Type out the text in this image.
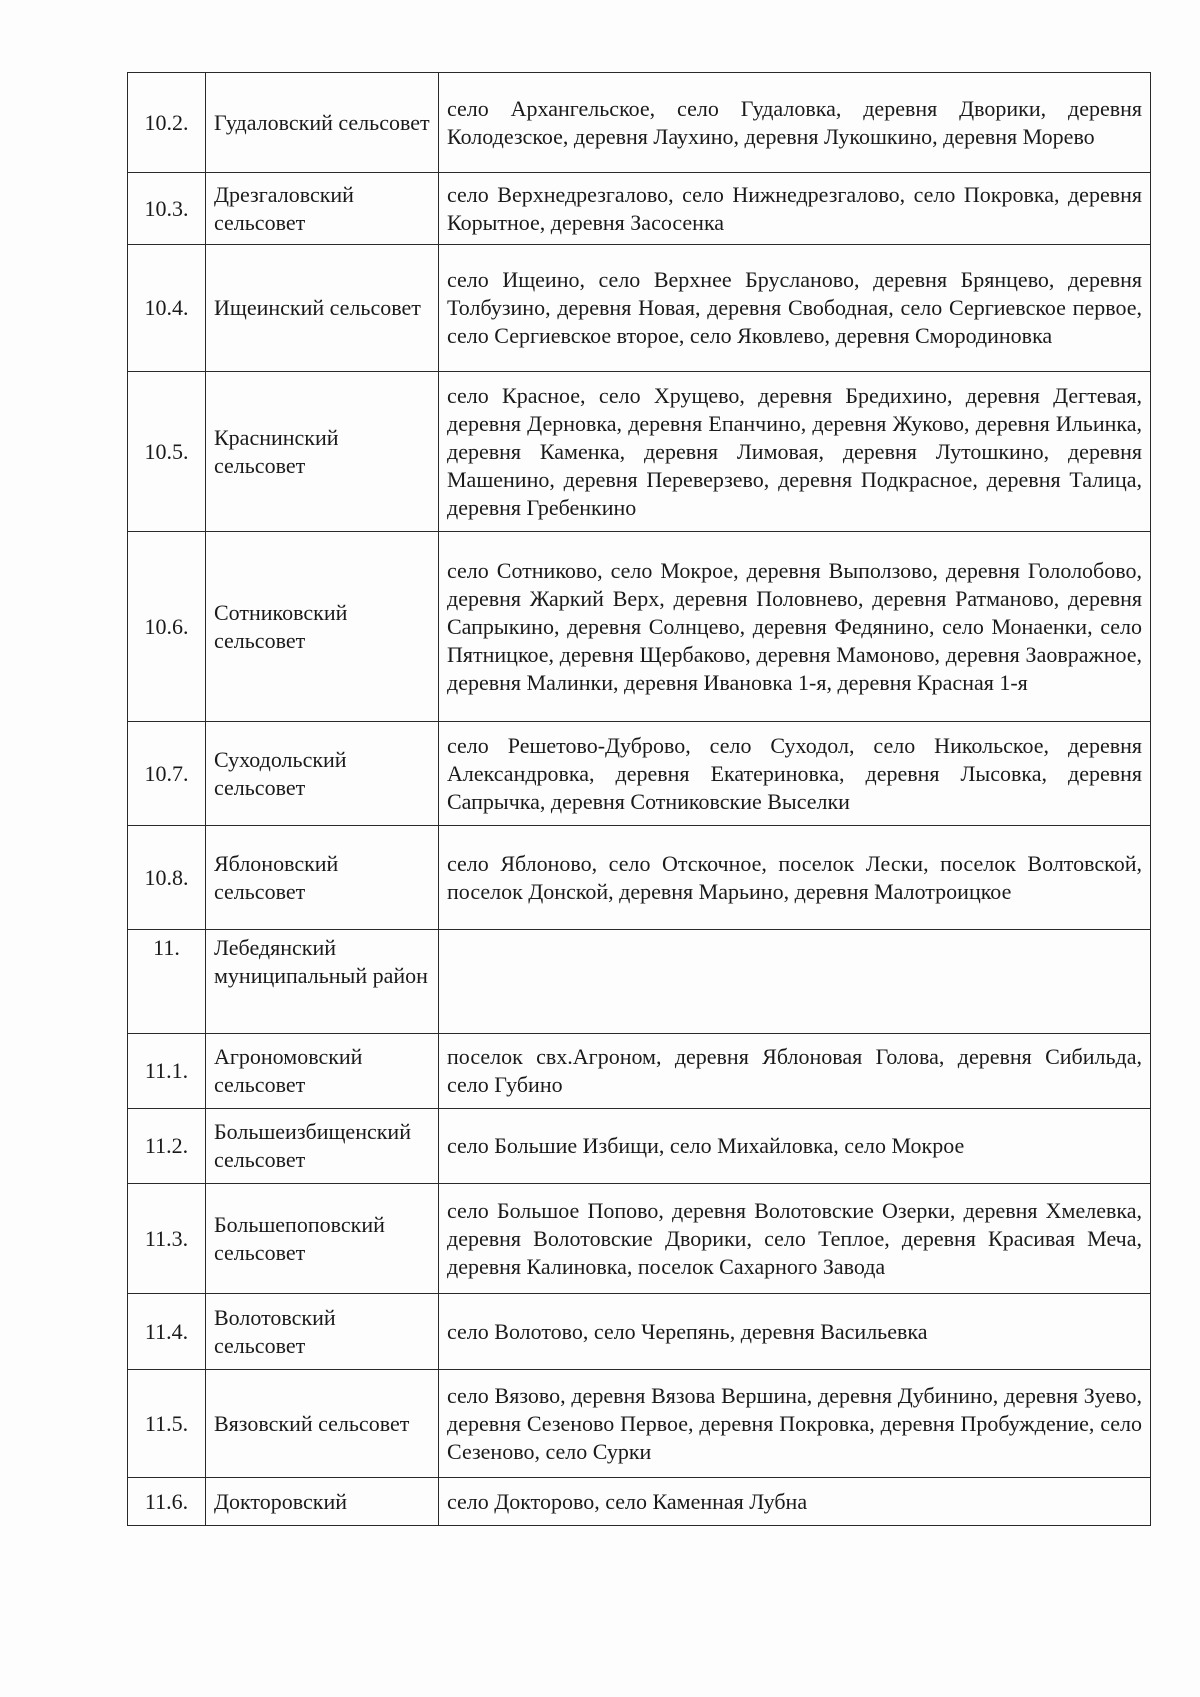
10.2.	Гудаловский сельсовет	село Архангельское, село Гудаловка, деревня Дворики, деревня Колодезское, деревня Лаухино, деревня Лукошкино, деревня Морево
10.3.	Дрезгаловский сельсовет	село Верхнедрезгалово, село Нижнедрезгалово, село Покровка, деревня Корытное, деревня Засосенка
10.4.	Ищеинский сельсовет	село Ищеино, село Верхнее Брусланово, деревня Брянцево, деревня Толбузино, деревня Новая, деревня Свободная, село Сергиевское первое, село Сергиевское второе, село Яковлево, деревня Смородиновка
10.5.	Краснинский сельсовет	село Красное, село Хрущево, деревня Бредихино, деревня Дегтевая, деревня Дерновка, деревня Епанчино, деревня Жуково, деревня Ильинка, деревня Каменка, деревня Лимовая, деревня Лутошкино, деревня Машенино, деревня Переверзево, деревня Подкрасное, деревня Талица, деревня Гребенкино
10.6.	Сотниковский сельсовет	село Сотниково, село Мокрое, деревня Выползово, деревня Гололобово, деревня Жаркий Верх, деревня Половнево, деревня Ратманово, деревня Сапрыкино, деревня Солнцево, деревня Федянино, село Монаенки, село Пятницкое, деревня Щербаково, деревня Мамоново, деревня Заовражное, деревня Малинки, деревня Ивановка 1-я, деревня Красная 1-я
10.7.	Суходольский сельсовет	село Решетово-Дуброво, село Суходол, село Никольское, деревня Александровка, деревня Екатериновка, деревня Лысовка, деревня Сапрычка, деревня Сотниковские Выселки
10.8.	Яблоновский сельсовет	село Яблоново, село Отскочное, поселок Лески, поселок Волтовской, поселок Донской, деревня Марьино, деревня Малотроицкое
11.	Лебедянский муниципальный район	
11.1.	Агрономовский сельсовет	поселок свх.Агроном, деревня Яблоновая Голова, деревня Сибильда, село Губино
11.2.	Большеизбищенский сельсовет	село Большие Избищи, село Михайловка, село Мокрое
11.3.	Большепоповский сельсовет	село Большое Попово, деревня Волотовские Озерки, деревня Хмелевка, деревня Волотовские Дворики, село Теплое, деревня Красивая Меча, деревня Калиновка, поселок Сахарного Завода
11.4.	Волотовский сельсовет	село Волотово, село Черепянь, деревня Васильевка
11.5.	Вязовский сельсовет	село Вязово, деревня Вязова Вершина, деревня Дубинино, деревня Зуево, деревня Сезеново Первое, деревня Покровка, деревня Пробуждение, село Сезеново, село Сурки
11.6.	Докторовский	село Докторово, село Каменная Лубна
